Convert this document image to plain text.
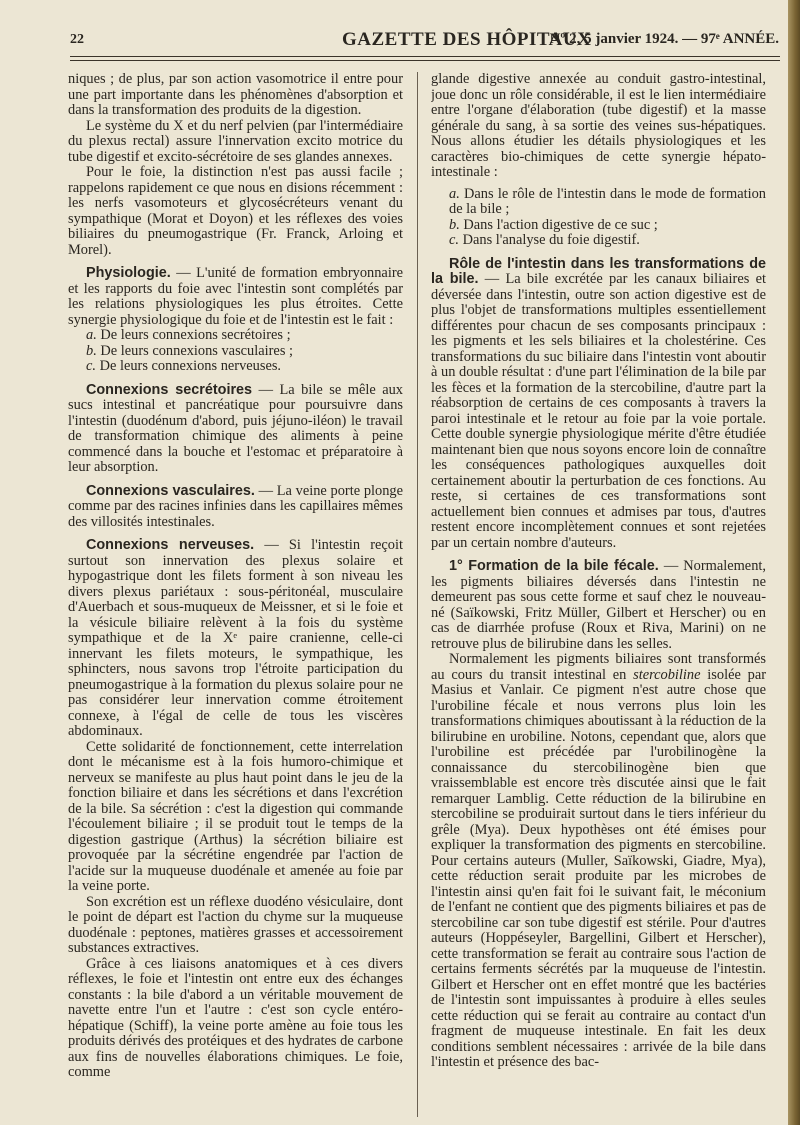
22	GAZETTE DES HÔPITAUX
Nº 2, 5 janvier 1924. — 97ᵉ ANNÉE.

niques ; de plus, par son action vasomotrice il entre pour une part importante dans les phénomènes d'absorption et dans la transformation des produits de la digestion.

Le système du X et du nerf pelvien (par l'intermédiaire du plexus rectal) assure l'innervation excito motrice du tube digestif et excito-sécrétoire de ses glandes annexes.

Pour le foie, la distinction n'est pas aussi facile ; rappelons rapidement ce que nous en disions récemment : les nerfs vasomoteurs et glycosécréteurs venant du sympathique (Morat et Doyon) et les réflexes des voies biliaires du pneumogastrique (Fr. Franck, Arloing et Morel).

Physiologie. — L'unité de formation embryonnaire et les rapports du foie avec l'intestin sont complétés par les relations physiologiques les plus étroites. Cette synergie physiologique du foie et de l'intestin est le fait :

a. De leurs connexions secrétoires ;

b. De leurs connexions vasculaires ;

c. De leurs connexions nerveuses.

Connexions secrétoires — La bile se mêle aux sucs intestinal et pancréatique pour poursuivre dans l'intestin (duodénum d'abord, puis jéjuno-iléon) le travail de transformation chimique des aliments à peine commencé dans la bouche et l'estomac et préparatoire à leur absorption.

Connexions vasculaires. — La veine porte plonge comme par des racines infinies dans les capillaires mêmes des villosités intestinales.

Connexions nerveuses. — Si l'intestin reçoit surtout son innervation des plexus solaire et hypogastrique dont les filets forment à son niveau les divers plexus pariétaux : sous-péritonéal, musculaire d'Auerbach et sous-muqueux de Meissner, et si le foie et la vésicule biliaire relèvent à la fois du système sympathique et de la Xᵉ paire cranienne, celle-ci innervant les filets moteurs, le sympathique, les sphincters, nous savons trop l'étroite participation du pneumogastrique à la formation du plexus solaire pour ne pas considérer leur innervation comme étroitement connexe, à l'égal de celle de tous les viscères abdominaux.

Cette solidarité de fonctionnement, cette interrelation dont le mécanisme est à la fois humoro-chimique et nerveux se manifeste au plus haut point dans le jeu de la fonction biliaire et dans les sécrétions et dans l'excrétion de la bile. Sa sécrétion : c'est la digestion qui commande l'écoulement biliaire ; il se produit tout le temps de la digestion gastrique (Arthus) la sécrétion biliaire est provoquée par la sécrétine engendrée par l'action de l'acide sur la muqueuse duodénale et amenée au foie par la veine porte.

Son excrétion est un réflexe duodéno vésiculaire, dont le point de départ est l'action du chyme sur la muqueuse duodénale : peptones, matières grasses et accessoirement substances extractives.

Grâce à ces liaisons anatomiques et à ces divers réflexes, le foie et l'intestin ont entre eux des échanges constants : la bile d'abord a un véritable mouvement de navette entre l'un et l'autre : c'est son cycle entéro-hépatique (Schiff), la veine porte amène au foie tous les produits dérivés des protéiques et des hydrates de carbone aux fins de nouvelles élaborations chimiques. Le foie, comme

glande digestive annexée au conduit gastro-intestinal, joue donc un rôle considérable, il est le lien intermédiaire entre l'organe d'élaboration (tube digestif) et la masse générale du sang, à sa sortie des veines sus-hépatiques. Nous allons étudier les détails physiologiques et les caractères bio-chimiques de cette synergie hépato-intestinale :

a. Dans le rôle de l'intestin dans le mode de formation de la bile ;

b. Dans l'action digestive de ce suc ;

c. Dans l'analyse du foie digestif.

Rôle de l'intestin dans les transformations de la bile. — La bile excrétée par les canaux biliaires et déversée dans l'intestin, outre son action digestive est de plus l'objet de transformations multiples essentiellement différentes pour chacun de ses composants principaux : les pigments et les sels biliaires et la cholestérine. Ces transformations du suc biliaire dans l'intestin vont aboutir à un double résultat : d'une part l'élimination de la bile par les fèces et la formation de la stercobiline, d'autre part la réabsorption de certains de ces composants à travers la paroi intestinale et le retour au foie par la voie portale. Cette double synergie physiologique mérite d'être étudiée maintenant bien que nous soyons encore loin de connaître les conséquences pathologiques auxquelles doit certainement aboutir la perturbation de ces fonctions. Au reste, si certaines de ces transformations sont actuellement bien connues et admises par tous, d'autres restent encore incomplètement connues et sont rejetées par un certain nombre d'auteurs.

1° Formation de la bile fécale. — Normalement, les pigments biliaires déversés dans l'intestin ne demeurent pas sous cette forme et sauf chez le nouveau-né (Saïkowski, Fritz Müller, Gilbert et Herscher) ou en cas de diarrhée profuse (Roux et Riva, Marini) on ne retrouve plus de bilirubine dans les selles.

Normalement les pigments biliaires sont transformés au cours du transit intestinal en stercobiline isolée par Masius et Vanlair. Ce pigment n'est autre chose que l'urobiline fécale et nous verrons plus loin les transformations chimiques aboutissant à la réduction de la bilirubine en urobiline. Notons, cependant que, alors que l'urobiline est précédée par l'urobilinogène la connaissance du stercobilinogène bien que vraissemblable est encore très discutée ainsi que le fait remarquer Lamblig. Cette réduction de la bilirubine en stercobiline se produirait surtout dans le tiers inférieur du grêle (Mya). Deux hypothèses ont été émises pour expliquer la transformation des pigments en stercobiline. Pour certains auteurs (Muller, Saïkowski, Giadre, Mya), cette réduction serait produite par les microbes de l'intestin ainsi qu'en fait foi le suivant fait, le méconium de l'enfant ne contient que des pigments biliaires et pas de stercobiline car son tube digestif est stérile. Pour d'autres auteurs (Hoppéseyler, Bargellini, Gilbert et Herscher), cette transformation se ferait au contraire sous l'action de certains ferments sécrétés par la muqueuse de l'intestin. Gilbert et Herscher ont en effet montré que les bactéries de l'intestin sont impuissantes à produire à elles seules cette réduction qui se ferait au contraire au contact d'un fragment de muqueuse intestinale. En fait les deux conditions semblent nécessaires : arrivée de la bile dans l'intestin et présence des bac-
